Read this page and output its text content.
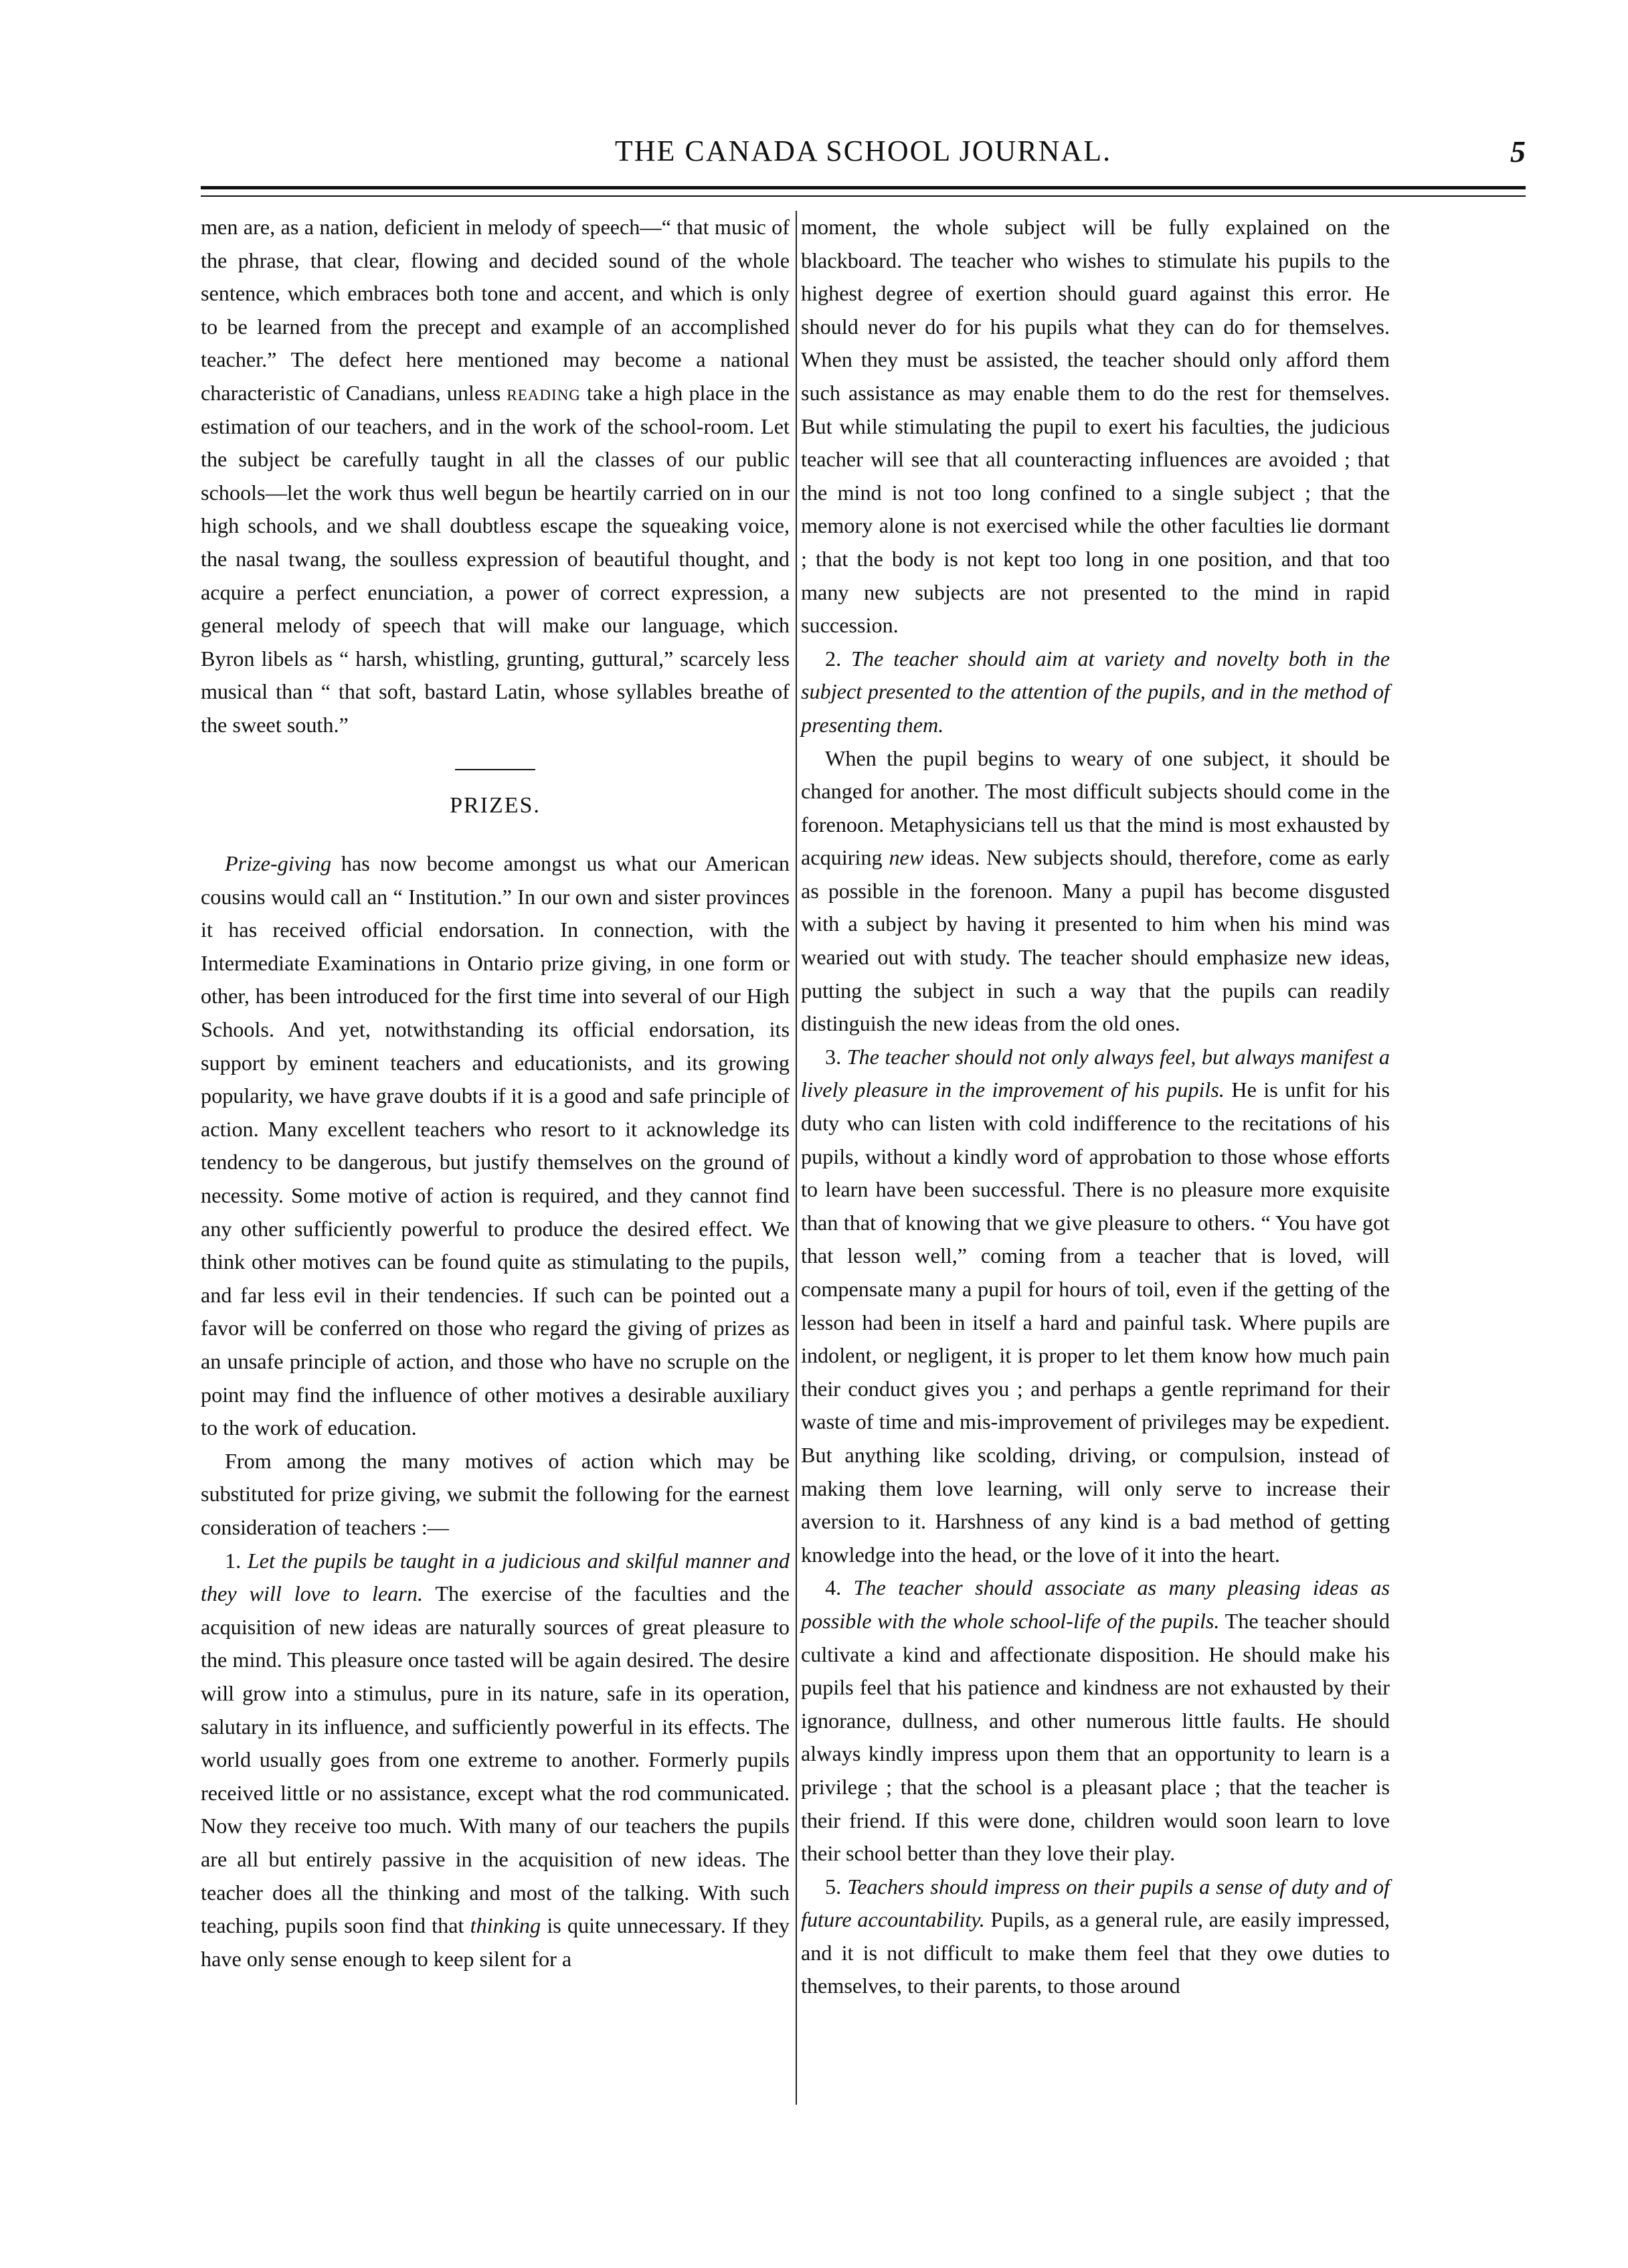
THE CANADA SCHOOL JOURNAL.	5

men are, as a nation, deficient in melody of speech—“ that music of the phrase, that clear, flowing and decided sound of the whole sentence, which embraces both tone and accent, and which is only to be learned from the precept and example of an accomplished teacher.” The defect here mentioned may become a national characteristic of Canadians, unless reading take a high place in the estimation of our teachers, and in the work of the school-room. Let the subject be carefully taught in all the classes of our public schools—let the work thus well begun be heartily carried on in our high schools, and we shall doubtless escape the squeaking voice, the nasal twang, the soulless expression of beautiful thought, and acquire a perfect enunciation, a power of correct expression, a general melody of speech that will make our language, which Byron libels as “ harsh, whistling, grunting, guttural,” scarcely less musical than “ that soft, bastard Latin, whose syllables breathe of the sweet south.”

PRIZES.

Prize-giving has now become amongst us what our American cousins would call an “ Institution.” In our own and sister provinces it has received official endorsation. In connection, with the Intermediate Examinations in Ontario prize giving, in one form or other, has been introduced for the first time into several of our High Schools. And yet, notwithstanding its official endorsation, its support by eminent teachers and educationists, and its growing popularity, we have grave doubts if it is a good and safe principle of action. Many excellent teachers who resort to it acknowledge its tendency to be dangerous, but justify themselves on the ground of necessity. Some motive of action is required, and they cannot find any other sufficiently powerful to produce the desired effect. We think other motives can be found quite as stimulating to the pupils, and far less evil in their tendencies. If such can be pointed out a favor will be conferred on those who regard the giving of prizes as an unsafe principle of action, and those who have no scruple on the point may find the influence of other motives a desirable auxiliary to the work of education.

From among the many motives of action which may be substituted for prize giving, we submit the following for the earnest consideration of teachers :—

1. Let the pupils be taught in a judicious and skilful manner and they will love to learn. The exercise of the faculties and the acquisition of new ideas are naturally sources of great pleasure to the mind. This pleasure once tasted will be again desired. The desire will grow into a stimulus, pure in its nature, safe in its operation, salutary in its influence, and sufficiently powerful in its effects. The world usually goes from one extreme to another. Formerly pupils received little or no assistance, except what the rod communicated. Now they receive too much. With many of our teachers the pupils are all but entirely passive in the acquisition of new ideas. The teacher does all the thinking and most of the talking. With such teaching, pupils soon find that thinking is quite unnecessary. If they have only sense enough to keep silent for a

moment, the whole subject will be fully explained on the blackboard. The teacher who wishes to stimulate his pupils to the highest degree of exertion should guard against this error. He should never do for his pupils what they can do for themselves. When they must be assisted, the teacher should only afford them such assistance as may enable them to do the rest for themselves. But while stimulating the pupil to exert his faculties, the judicious teacher will see that all counteracting influences are avoided ; that the mind is not too long confined to a single subject ; that the memory alone is not exercised while the other faculties lie dormant ; that the body is not kept too long in one position, and that too many new subjects are not presented to the mind in rapid succession.

2. The teacher should aim at variety and novelty both in the subject presented to the attention of the pupils, and in the method of presenting them.

When the pupil begins to weary of one subject, it should be changed for another. The most difficult subjects should come in the forenoon. Metaphysicians tell us that the mind is most exhausted by acquiring new ideas. New subjects should, therefore, come as early as possible in the forenoon. Many a pupil has become disgusted with a subject by having it presented to him when his mind was wearied out with study. The teacher should emphasize new ideas, putting the subject in such a way that the pupils can readily distinguish the new ideas from the old ones.

3. The teacher should not only always feel, but always manifest a lively pleasure in the improvement of his pupils. He is unfit for his duty who can listen with cold indifference to the recitations of his pupils, without a kindly word of approbation to those whose efforts to learn have been successful. There is no pleasure more exquisite than that of knowing that we give pleasure to others. “ You have got that lesson well,” coming from a teacher that is loved, will compensate many a pupil for hours of toil, even if the getting of the lesson had been in itself a hard and painful task. Where pupils are indolent, or negligent, it is proper to let them know how much pain their conduct gives you ; and perhaps a gentle reprimand for their waste of time and mis-improvement of privileges may be expedient. But anything like scolding, driving, or compulsion, instead of making them love learning, will only serve to increase their aversion to it. Harshness of any kind is a bad method of getting knowledge into the head, or the love of it into the heart.

4. The teacher should associate as many pleasing ideas as possible with the whole school-life of the pupils. The teacher should cultivate a kind and affectionate disposition. He should make his pupils feel that his patience and kindness are not exhausted by their ignorance, dullness, and other numerous little faults. He should always kindly impress upon them that an opportunity to learn is a privilege ; that the school is a pleasant place ; that the teacher is their friend. If this were done, children would soon learn to love their school better than they love their play.

5. Teachers should impress on their pupils a sense of duty and of future accountability. Pupils, as a general rule, are easily impressed, and it is not difficult to make them feel that they owe duties to themselves, to their parents, to those around
